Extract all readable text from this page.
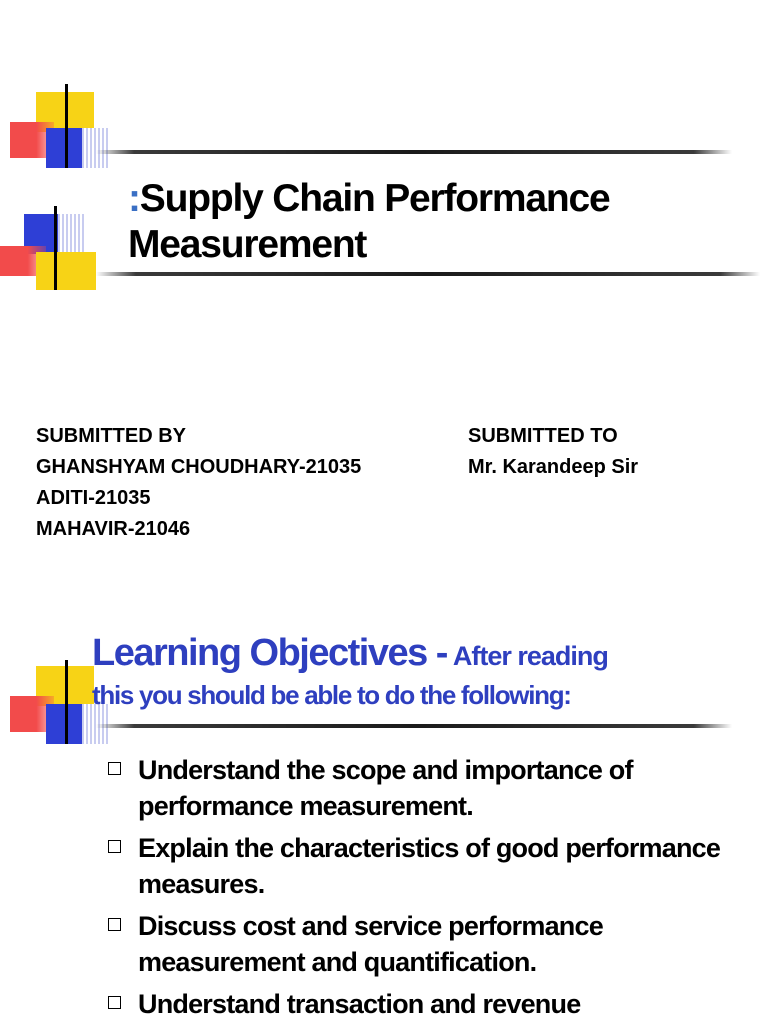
:Supply Chain Performance
Measurement
SUBMITTED BY
GHANSHYAM CHOUDHARY-21035
ADITI-21035
MAHAVIR-21046
SUBMITTED TO
Mr. Karandeep Sir
Learning Objectives - After reading
this you should be able to do the following:
Understand the scope and importance of performance measurement.
Explain the characteristics of good performance measures.
Discuss cost and service performance measurement and quantification.
Understand transaction and revenue
